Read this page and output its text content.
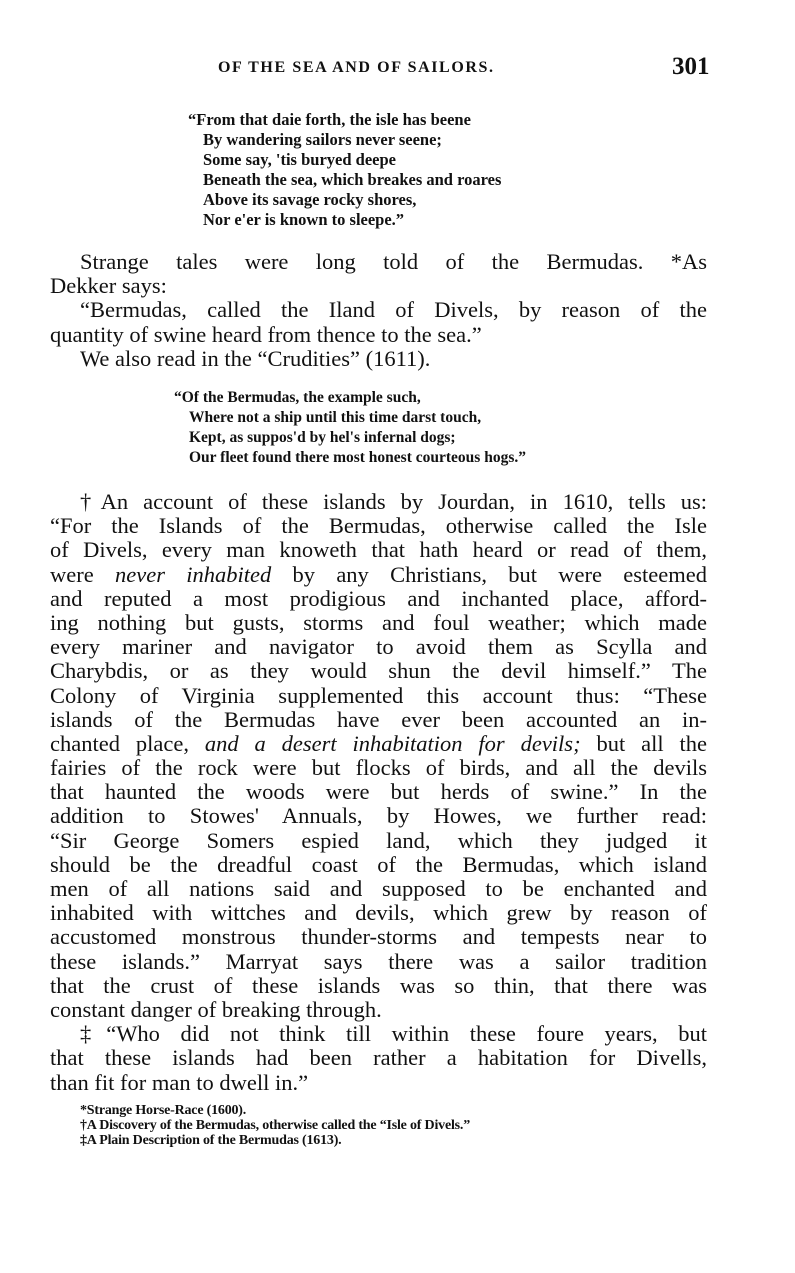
OF THE SEA AND OF SAILORS.	301
“From that daie forth, the isle has beene
By wandering sailors never seene;
Some say, 'tis buryed deepe
Beneath the sea, which breakes and roares
Above its savage rocky shores,
Nor e'er is known to sleepe.”
Strange tales were long told of the Bermudas. *As
Dekker says:
“Bermudas, called the Iland of Divels, by reason of the
quantity of swine heard from thence to the sea.”
We also read in the “Crudities” (1611).
“Of the Bermudas, the example such,
Where not a ship until this time darst touch,
Kept, as suppos'd by hel's infernal dogs;
Our fleet found there most honest courteous hogs.”
†An account of these islands by Jourdan, in 1610, tells us:
“For the Islands of the Bermudas, otherwise called the Isle
of Divels, every man knoweth that hath heard or read of them,
were never inhabited by any Christians, but were esteemed
and reputed a most prodigious and inchanted place, afford-
ing nothing but gusts, storms and foul weather; which made
every mariner and navigator to avoid them as Scylla and
Charybdis, or as they would shun the devil himself.” The
Colony of Virginia supplemented this account thus: “These
islands of the Bermudas have ever been accounted an in-
chanted place, and a desert inhabitation for devils; but all the
fairies of the rock were but flocks of birds, and all the devils
that haunted the woods were but herds of swine.” In the
addition to Stowes' Annuals, by Howes, we further read:
“Sir George Somers espied land, which they judged it
should be the dreadful coast of the Bermudas, which island
men of all nations said and supposed to be enchanted and
inhabited with wittches and devils, which grew by reason of
accustomed monstrous thunder-storms and tempests near to
these islands.” Marryat says there was a sailor tradition
that the crust of these islands was so thin, that there was
constant danger of breaking through.
‡“Who did not think till within these foure years, but
that these islands had been rather a habitation for Divells,
than fit for man to dwell in.”
*Strange Horse-Race (1600).
†A Discovery of the Bermudas, otherwise called the “Isle of Divels.”
‡A Plain Description of the Bermudas (1613).
